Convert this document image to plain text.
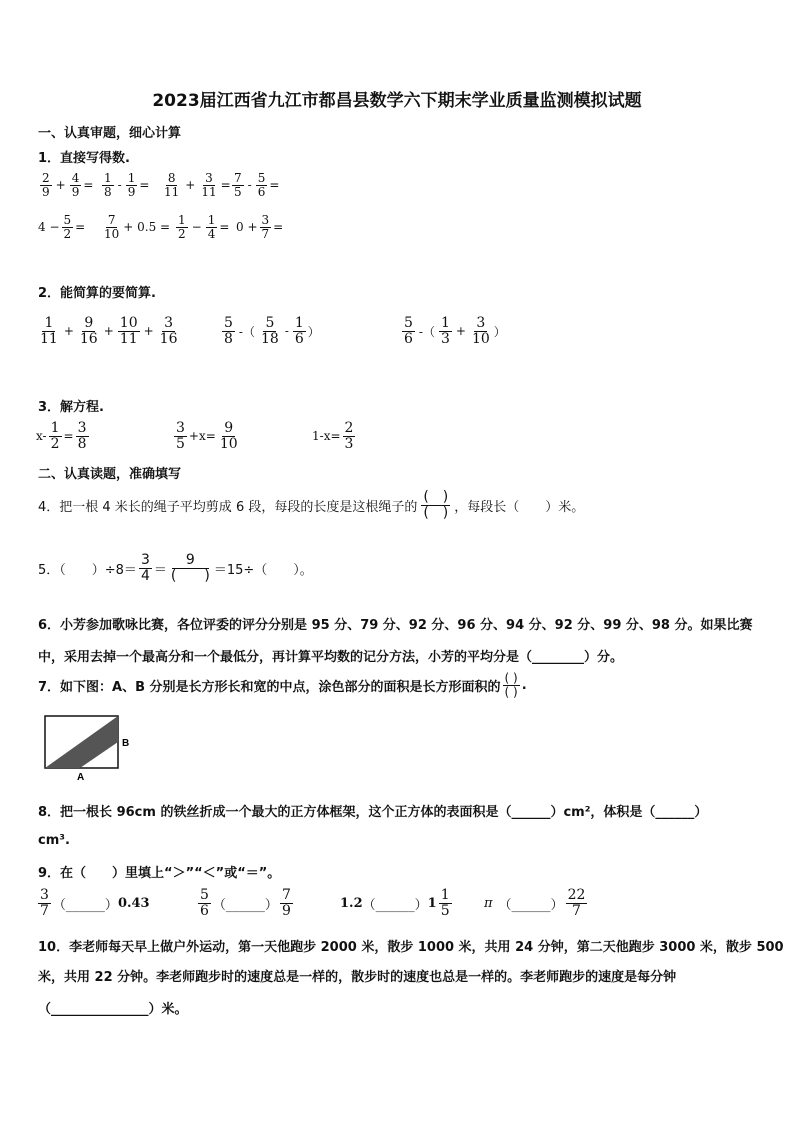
2023届江西省九江市都昌县数学六下期末学业质量监测模拟试题
一、认真审题，细心计算
1．直接写得数.
$\frac{2}{9} + \frac{4}{9} = \frac{1}{8} - \frac{1}{9} = \frac{8}{11} + \frac{3}{11} = \frac{7}{5} - \frac{5}{6}$ =
$4 - \frac{5}{2} = \frac{7}{10} + 0.5 = \frac{1}{2} - \frac{1}{4} = 0 + \frac{3}{7}$ =
2．能简算的要简算.
$\frac{1}{11} + \frac{9}{16} + \frac{10}{11} + \frac{3}{16}$	$\frac{5}{8}$ -（ $\frac{5}{18} - \frac{1}{6}$ ）	$\frac{5}{6}$ -（ $\frac{1}{3} + \frac{3}{10}$ ）
3．解方程.
$x- \frac{1}{2} = \frac{3}{8}$	$\frac{3}{5} +x= \frac{9}{10}$	$1-x= \frac{2}{3}$
二、认真读题，准确填写
4．把一根 4 米长的绳子平均剪成 6 段，每段的长度是这根绳子的 $\frac{( )}{( )}$ ，每段长（　　）米。
5．（　　）$\div 8= \frac{3}{4} = \frac{9}{( )} =15\div$（　　）。
6．小芳参加歌咏比赛，各位评委的评分分别是 95 分、79 分、92 分、96 分、94 分、92 分、99 分、98 分。如果比赛
中，采用去掉一个最高分和一个最低分，再计算平均数的记分方法，小芳的平均分是（________）分。
7．如下图：A、B 分别是长方形长和宽的中点，涂色部分的面积是长方形面积的 $\frac{( )}{( )}$ .
B
A
8．把一根长 96cm 的铁丝折成一个最大的正方体框架，这个正方体的表面积是（______）cm²，体积是（______）
cm³.
9．在（　　）里填上“＞”“＜”或“＝”。
$\frac{3}{7}$ （______） 0.43	$\frac{5}{6}$ （______） $\frac{7}{9}$	1.2 （______） $1 \frac{1}{5}$ π （______） $\frac{22}{7}$
10．李老师每天早上做户外运动，第一天他跑步 2000 米，散步 1000 米，共用 24 分钟，第二天他跑步 3000 米，散步 500
米，共用 22 分钟。李老师跑步时的速度总是一样的，散步时的速度也总是一样的。李老师跑步的速度是每分钟
（_______________）米。
